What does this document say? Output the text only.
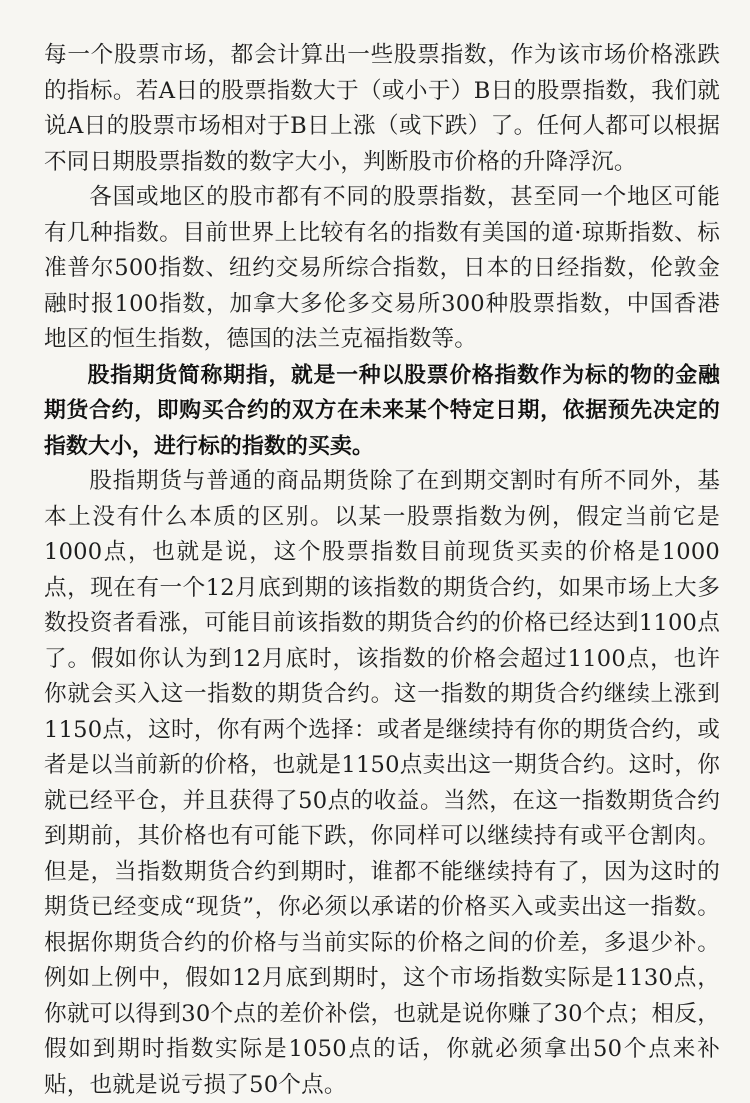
每一个股票市场，都会计算出一些股票指数，作为该市场价格涨跌的指标。若A日的股票指数大于（或小于）B日的股票指数，我们就说A日的股票市场相对于B日上涨（或下跌）了。任何人都可以根据不同日期股票指数的数字大小，判断股市价格的升降浮沉。

各国或地区的股市都有不同的股票指数，甚至同一个地区可能有几种指数。目前世界上比较有名的指数有美国的道·琼斯指数、标准普尔500指数、纽约交易所综合指数，日本的日经指数，伦敦金融时报100指数，加拿大多伦多交易所300种股票指数，中国香港地区的恒生指数，德国的法兰克福指数等。

股指期货简称期指，就是一种以股票价格指数作为标的物的金融期货合约，即购买合约的双方在未来某个特定日期，依据预先决定的指数大小，进行标的指数的买卖。

股指期货与普通的商品期货除了在到期交割时有所不同外，基本上没有什么本质的区别。以某一股票指数为例，假定当前它是1000点，也就是说，这个股票指数目前现货买卖的价格是1000点，现在有一个12月底到期的该指数的期货合约，如果市场上大多数投资者看涨，可能目前该指数的期货合约的价格已经达到1100点了。假如你认为到12月底时，该指数的价格会超过1100点，也许你就会买入这一指数的期货合约。这一指数的期货合约继续上涨到1150点，这时，你有两个选择：或者是继续持有你的期货合约，或者是以当前新的价格，也就是1150点卖出这一期货合约。这时，你就已经平仓，并且获得了50点的收益。当然，在这一指数期货合约到期前，其价格也有可能下跌，你同样可以继续持有或平仓割肉。但是，当指数期货合约到期时，谁都不能继续持有了，因为这时的期货已经变成“现货”，你必须以承诺的价格买入或卖出这一指数。根据你期货合约的价格与当前实际的价格之间的价差，多退少补。例如上例中，假如12月底到期时，这个市场指数实际是1130点，你就可以得到30个点的差价补偿，也就是说你赚了30个点；相反，假如到期时指数实际是1050点的话，你就必须拿出50个点来补贴，也就是说亏损了50个点。
